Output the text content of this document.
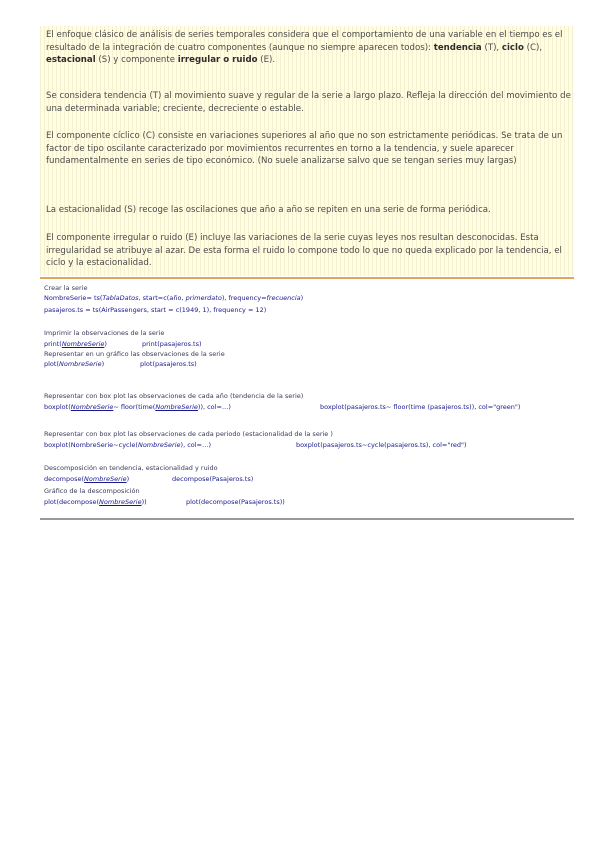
El enfoque clásico de análisis de series temporales considera que el comportamiento de una variable en el tiempo es el resultado de la integración de cuatro componentes (aunque no siempre aparecen todos): tendencia (T), ciclo (C), estacional (S) y componente irregular o ruido (E).

Se considera tendencia (T) al movimiento suave y regular de la serie a largo plazo. Refleja la dirección del movimiento de una determinada variable; creciente, decreciente o estable.

El componente cíclico (C) consiste en variaciones superiores al año que no son estrictamente periódicas. Se trata de un factor de tipo oscilante caracterizado por movimientos recurrentes en torno a la tendencia, y suele aparecer fundamentalmente en series de tipo económico. (No suele analizarse salvo que se tengan series muy largas)

La estacionalidad (S) recoge las oscilaciones que año a año se repiten en una serie de forma periódica.

El componente irregular o ruido (E) incluye las variaciones de la serie cuyas leyes nos resultan desconocidas. Esta irregularidad se atribuye al azar. De esta forma el ruido lo compone todo lo que no queda explicado por la tendencia, el ciclo y la estacionalidad.

Crear la serie
NombreSerie= ts(TablaDatos, start=c(año, primerdato), frequency=frecuencia)
pasajeros.ts = ts(AirPassengers, start = c(1949, 1), frequency = 12)
Imprimir la observaciones de la serie
print(NombreSerie)	print(pasajeros.ts)
Representar en un gráfico las observaciones de la serie
plot(NombreSerie)	plot(pasajeros.ts)
Representar con box plot las observaciones de cada año (tendencia de la serie)
boxplot(NombreSerie~ floor(time(NombreSerie)), col=…)	boxplot(pasajeros.ts~ floor(time (pasajeros.ts)), col="green")
Representar con box plot las observaciones de cada periodo (estacionalidad de la serie )
boxplot(NombreSerie~cycle(NombreSerie), col=…)	boxplot(pasajeros.ts~cycle(pasajeros.ts), col="red")
Descomposición en tendencia, estacionalidad y ruido
decompose(NombreSerie)	decompose(Pasajeros.ts)
Gráfico de la descomposición
plot(decompose(NombreSerie))	plot(decompose(Pasajeros.ts))
